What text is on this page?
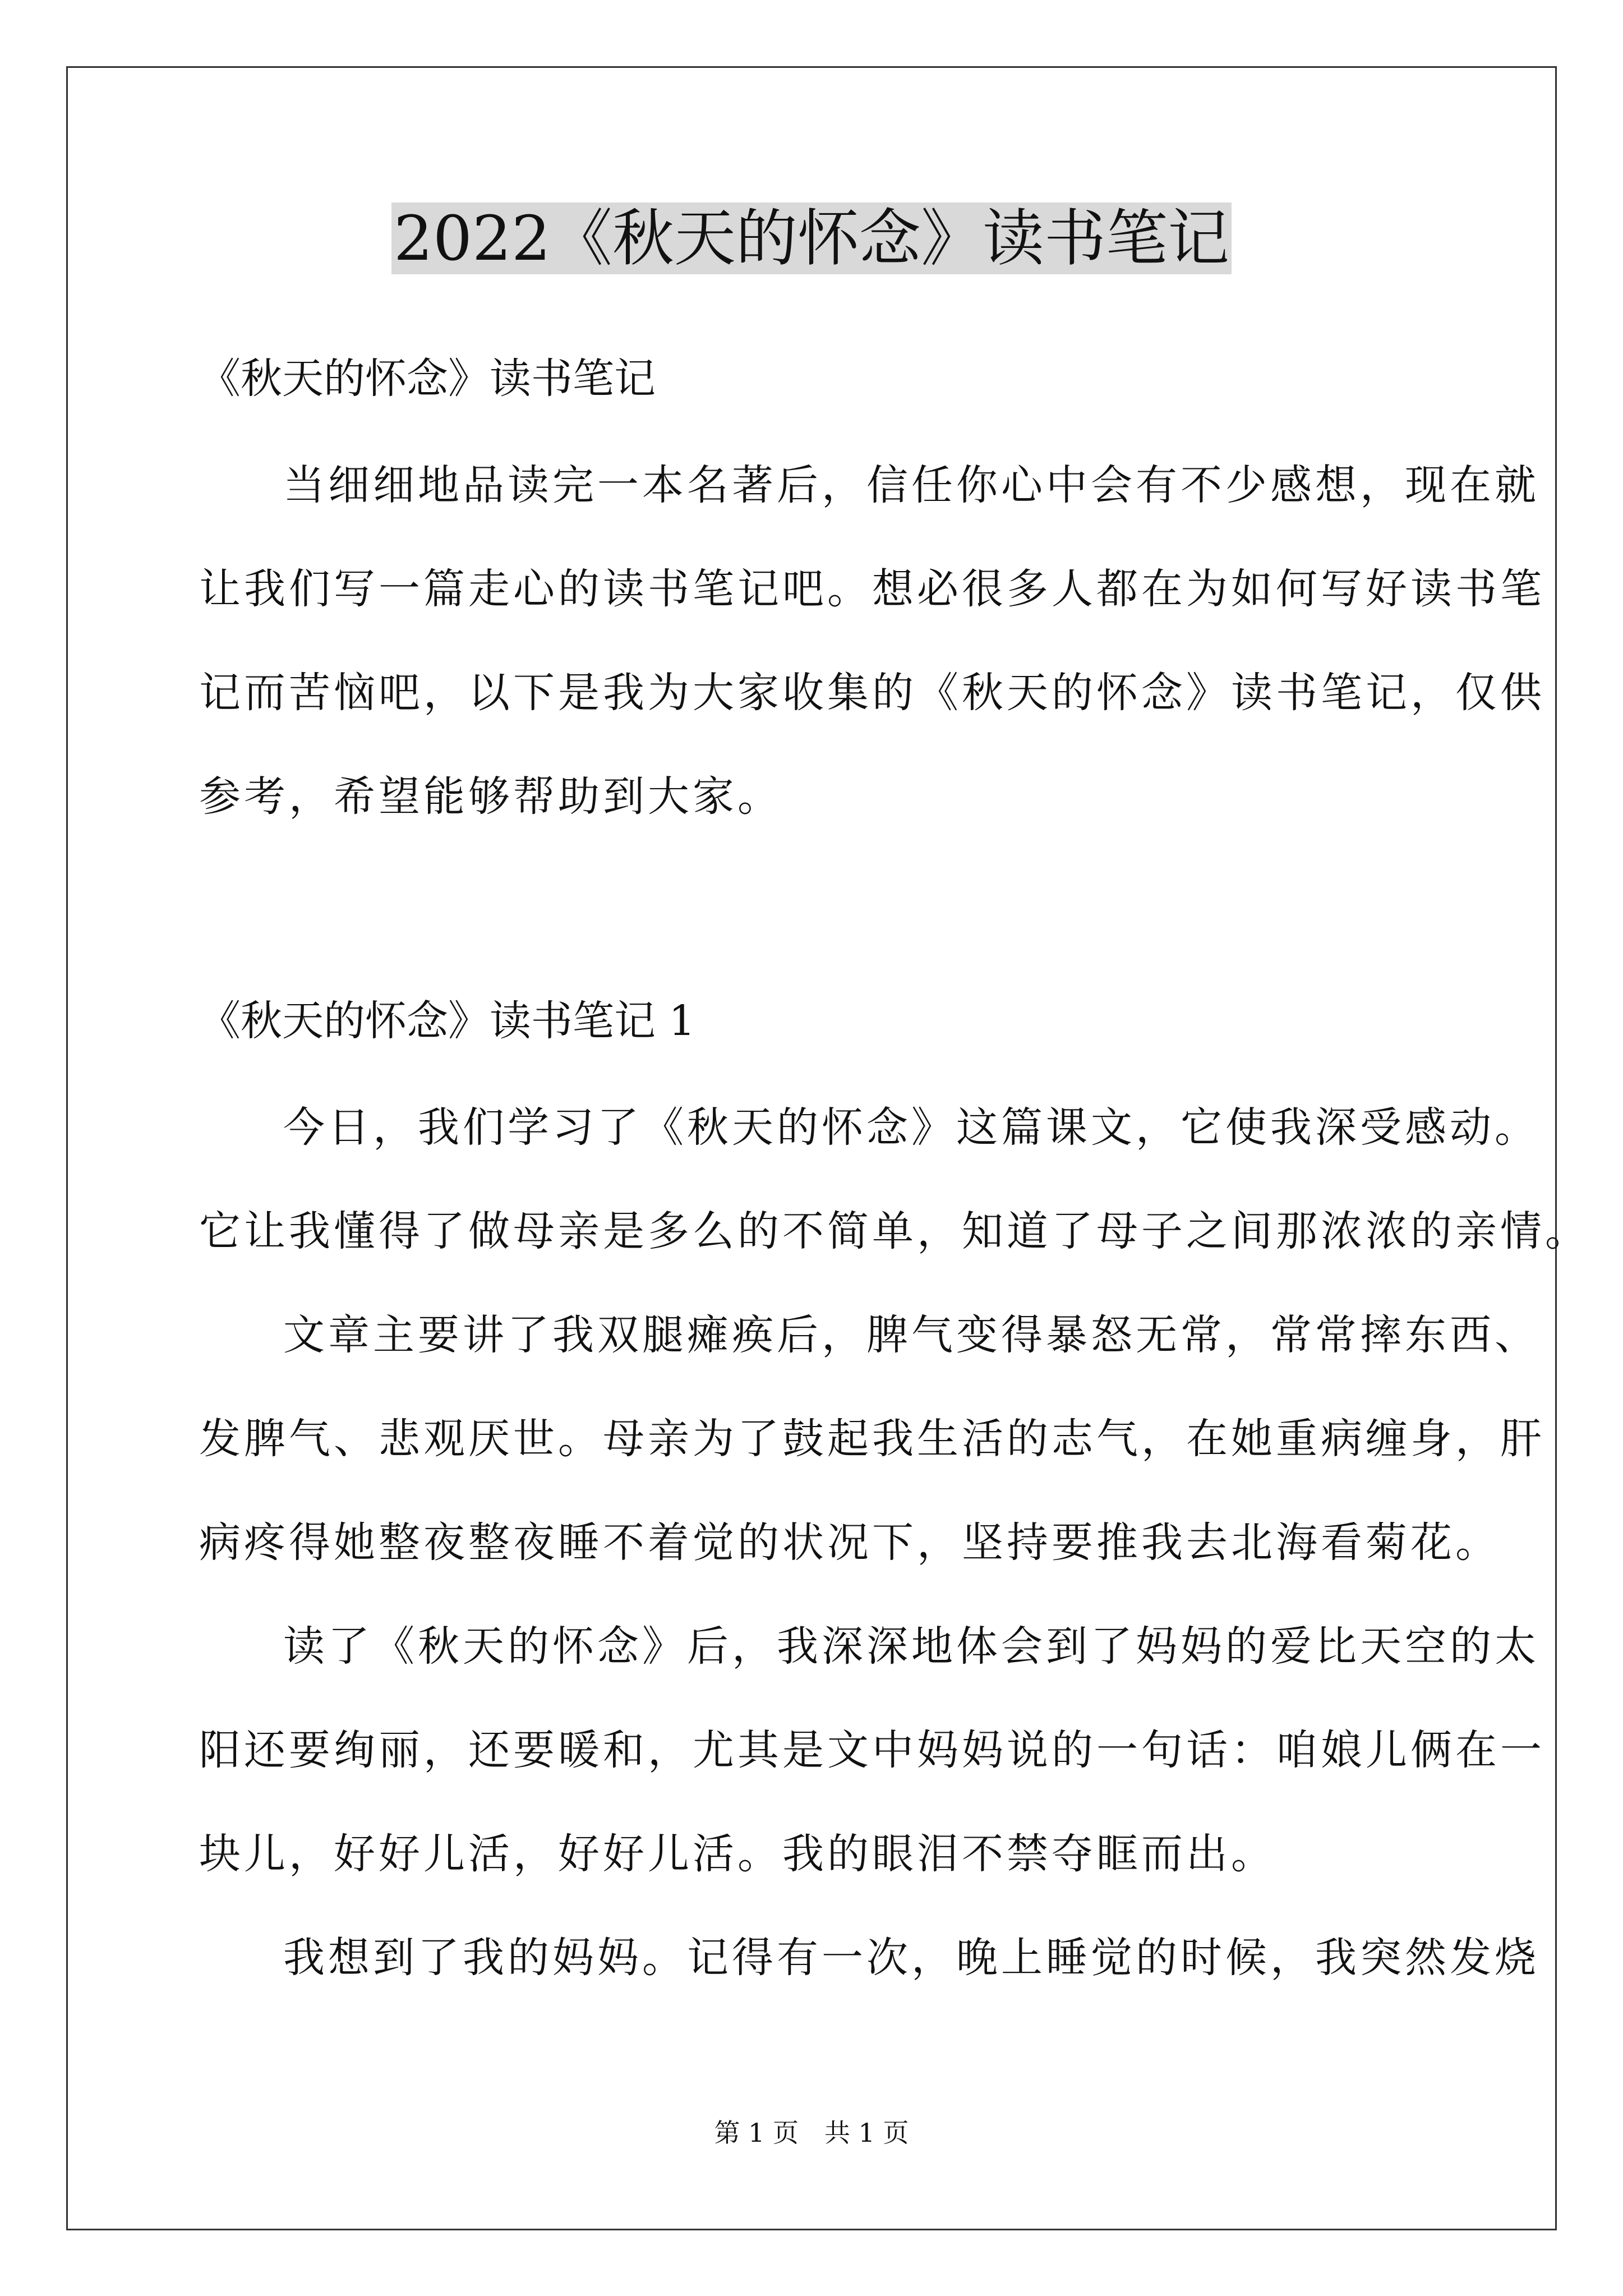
2022《秋天的怀念》读书笔记
《秋天的怀念》读书笔记
当细细地品读完一本名著后，信任你心中会有不少感想，现在就
让我们写一篇走心的读书笔记吧。想必很多人都在为如何写好读书笔
记而苦恼吧，以下是我为大家收集的《秋天的怀念》读书笔记，仅供
参考，希望能够帮助到大家。
《秋天的怀念》读书笔记 1
今日，我们学习了《秋天的怀念》这篇课文，它使我深受感动。
它让我懂得了做母亲是多么的不简单，知道了母子之间那浓浓的亲情。
文章主要讲了我双腿瘫痪后，脾气变得暴怒无常，常常摔东西、
发脾气、悲观厌世。母亲为了鼓起我生活的志气，在她重病缠身，肝
病疼得她整夜整夜睡不着觉的状况下，坚持要推我去北海看菊花。
读了《秋天的怀念》后，我深深地体会到了妈妈的爱比天空的太
阳还要绚丽，还要暖和，尤其是文中妈妈说的一句话：咱娘儿俩在一
块儿，好好儿活，好好儿活。我的眼泪不禁夺眶而出。
我想到了我的妈妈。记得有一次，晚上睡觉的时候，我突然发烧
第 1 页　共 1 页
